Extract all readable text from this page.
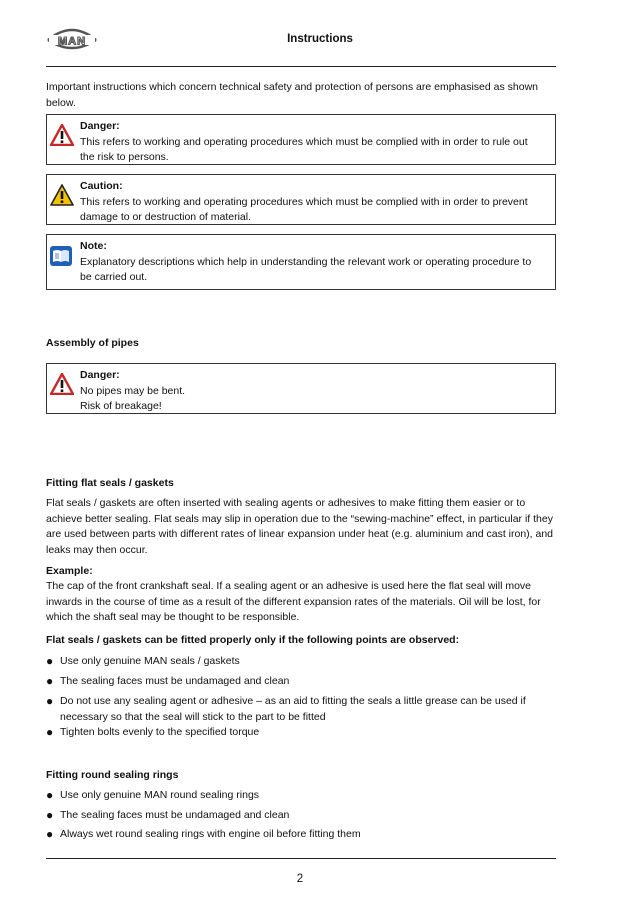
MAN	Instructions
Important instructions which concern technical safety and protection of persons are emphasised as shown below.
Danger:
This refers to working and operating procedures which must be complied with in order to rule out the risk to persons.
Caution:
This refers to working and operating procedures which must be complied with in order to prevent damage to or destruction of material.
Note:
Explanatory descriptions which help in understanding the relevant work or operating procedure to be carried out.
Assembly of pipes
Danger:
No pipes may be bent.
Risk of breakage!
Fitting flat seals / gaskets
Flat seals / gaskets are often inserted with sealing agents or adhesives to make fitting them easier or to achieve better sealing. Flat seals may slip in operation due to the “sewing-machine” effect, in particular if they are used between parts with different rates of linear expansion under heat (e.g. aluminium and cast iron), and leaks may then occur.
Example:
The cap of the front crankshaft seal. If a sealing agent or an adhesive is used here the flat seal will move inwards in the course of time as a result of the different expansion rates of the materials. Oil will be lost, for which the shaft seal may be thought to be responsible.
Flat seals / gaskets can be fitted properly only if the following points are observed:
● Use only genuine MAN seals / gaskets
● The sealing faces must be undamaged and clean
● Do not use any sealing agent or adhesive – as an aid to fitting the seals a little grease can be used if necessary so that the seal will stick to the part to be fitted
● Tighten bolts evenly to the specified torque
Fitting round sealing rings
● Use only genuine MAN round sealing rings
● The sealing faces must be undamaged and clean
● Always wet round sealing rings with engine oil before fitting them
2
